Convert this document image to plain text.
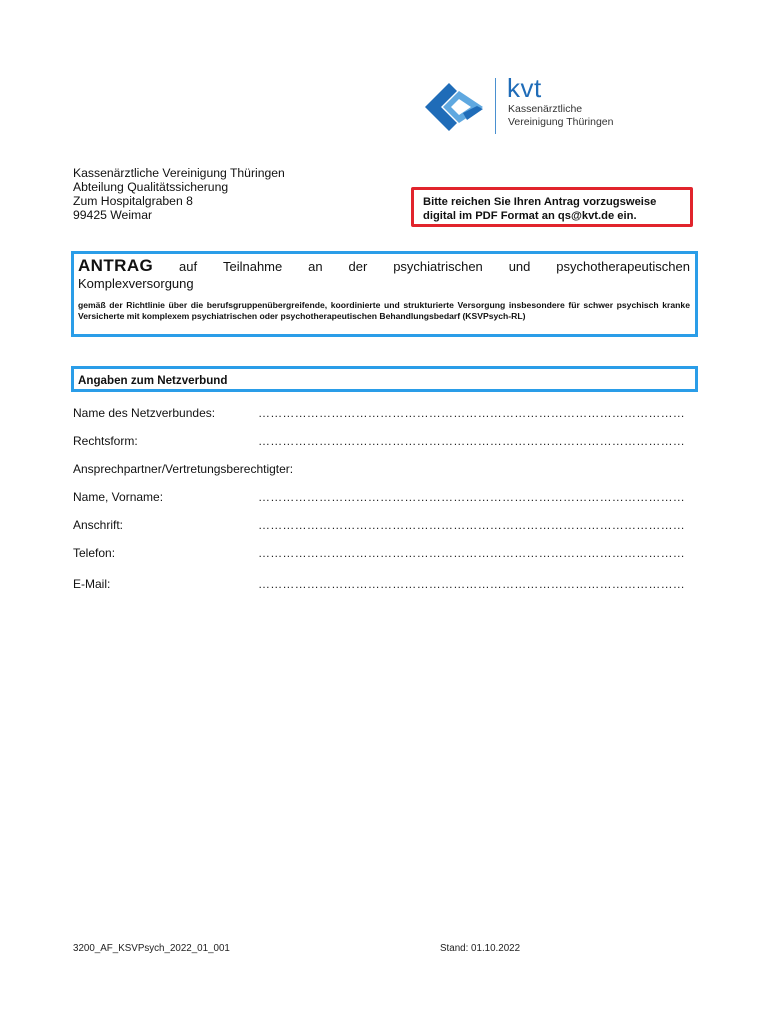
kvt
Kassenärztliche
Vereinigung Thüringen
Kassenärztliche Vereinigung Thüringen
Abteilung Qualitätssicherung
Zum Hospitalgraben 8
99425 Weimar
Bitte reichen Sie Ihren Antrag vorzugsweise
digital im PDF Format an qs@kvt.de ein.
ANTRAG auf Teilnahme an der psychiatrischen und psychotherapeutischen
Komplexversorgung
gemäß der Richtlinie über die berufsgruppenübergreifende, koordinierte und strukturierte Versorgung insbesondere für schwer psychisch kranke Versicherte mit komplexem psychiatrischen oder psychotherapeutischen Behandlungsbedarf (KSVPsych-RL)
Angaben zum Netzverbund
Name des Netzverbundes:	……………………………………………………………………………………………
Rechtsform:	……………………………………………………………………………………………
Ansprechpartner/Vertretungsberechtigter:
Name, Vorname:	……………………………………………………………………………………………
Anschrift:	……………………………………………………………………………………………
Telefon:	……………………………………………………………………………………………
E-Mail:	……………………………………………………………………………………………
3200_AF_KSVPsych_2022_01_001	Stand: 01.10.2022
